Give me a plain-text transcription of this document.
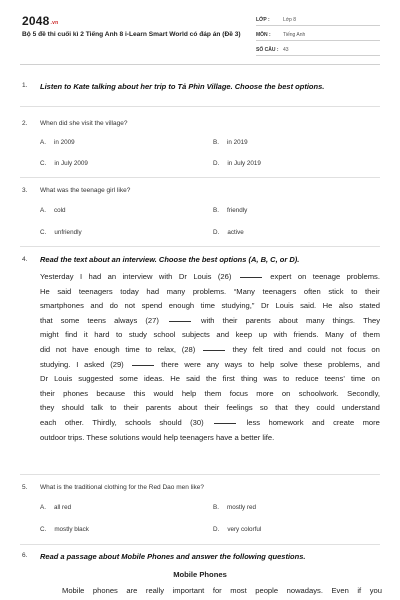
2048.vn
Bộ 5 đề thi cuối kì 2 Tiếng Anh 8 i-Learn Smart World có đáp án (Đề 3)
LỚP :	Lớp 8
MÔN : Tiếng Anh
SỐ CÂU : 43
1. Listen to Kate talking about her trip to Tả Phìn Village. Choose the best options.
2. When did she visit the village?
A. in 2009	B. in 2019
C. in July 2009	D. in July 2019
3. What was the teenage girl like?
A. cold	B. friendly
C. unfriendly	D. active
4. Read the text about an interview. Choose the best options (A, B, C, or D).
Yesterday I had an interview with Dr Louis (26)	expert on teenage problems.
He said teenagers today had many problems. “Many teenagers often stick to their
smartphones and do not spend enough time studying,” Dr Louis said. He also stated
that some teens always (27)	with their parents about many things. They
might find it hard to study school subjects and keep up with friends. Many of them
did not have enough time to relax, (28)	they felt tired and could not focus on
studying. I asked (29)	there were any ways to help solve these problems, and
Dr Louis suggested some ideas. He said the first thing was to reduce teens’ time on
their phones because this would help them focus more on schoolwork. Secondly,
they should talk to their parents about their feelings so that they could understand
each other. Thirdly, schools should (30)	less homework and create more
outdoor trips. These solutions would help teenagers have a better life.
5. What is the traditional clothing for the Red Dao men like?
A. all red	B. mostly red
C. mostly black	D. very colorful
6. Read a passage about Mobile Phones and answer the following questions.
Mobile Phones
Mobile phones are really important for most people nowadays. Even if you
